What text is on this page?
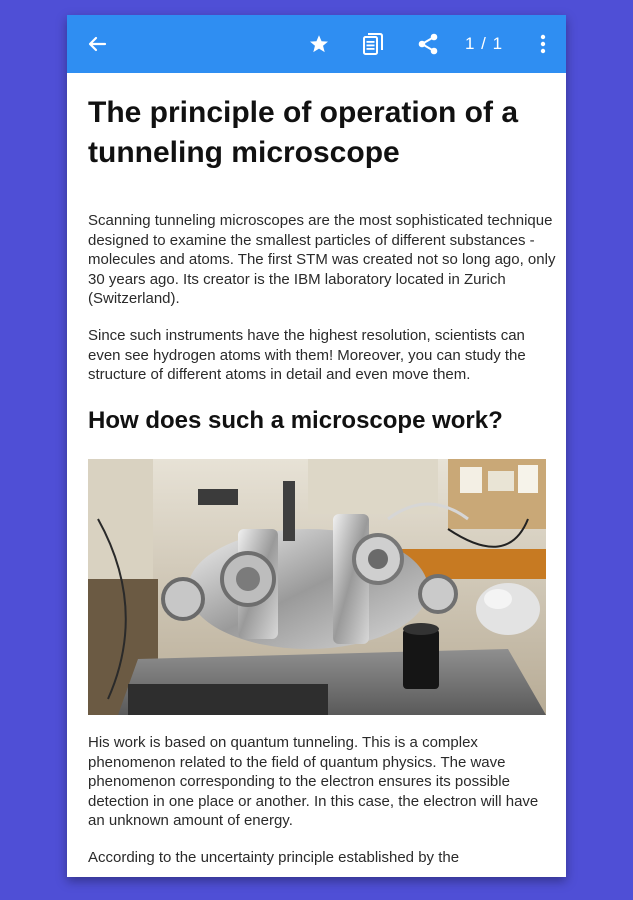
1 / 1
The principle of operation of a tunneling microscope

Scanning tunneling microscopes are the most sophisticated technique designed to examine the smallest particles of different substances - molecules and atoms. The first STM was created not so long ago, only 30 years ago. Its creator is the IBM laboratory located in Zurich (Switzerland).

Since such instruments have the highest resolution, scientists can even see hydrogen atoms with them! Moreover, you can study the structure of different atoms in detail and even move them.

How does such a microscope work?

His work is based on quantum tunneling. This is a complex phenomenon related to the field of quantum physics. The wave phenomenon corresponding to the electron ensures its possible detection in one place or another. In this case, the electron will have an unknown amount of energy.

According to the uncertainty principle established by the
